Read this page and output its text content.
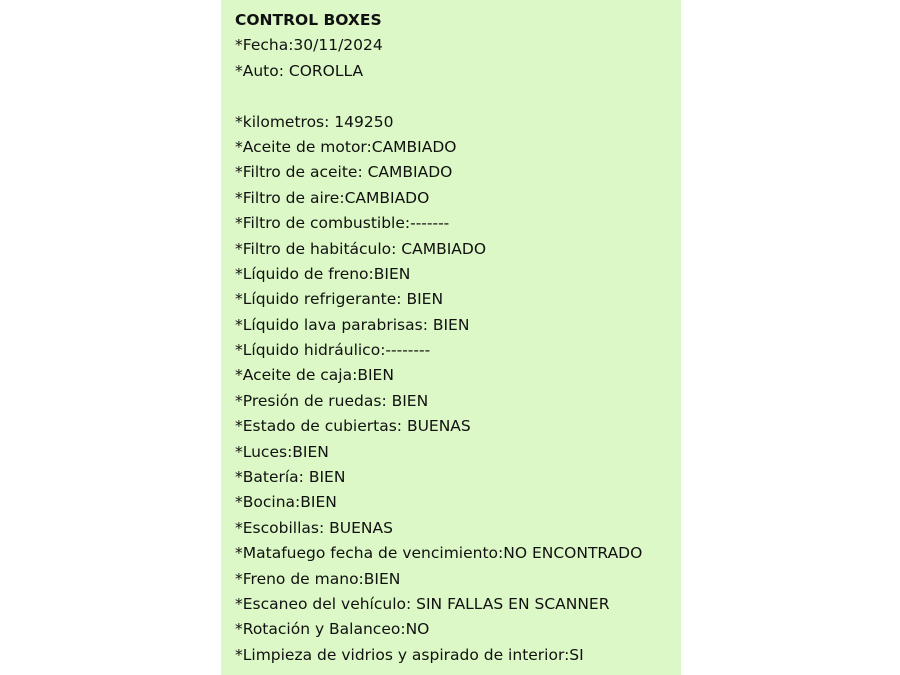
CONTROL BOXES
*Fecha:30/11/2024
*Auto: COROLLA
*kilometros: 149250
*Aceite de motor:CAMBIADO
*Filtro de aceite: CAMBIADO
*Filtro de aire:CAMBIADO
*Filtro de combustible:-------
*Filtro de habitáculo: CAMBIADO
*Líquido de freno:BIEN
*Líquido refrigerante: BIEN
*Líquido lava parabrisas: BIEN
*Líquido hidráulico:--------
*Aceite de caja:BIEN
*Presión de ruedas: BIEN
*Estado de cubiertas: BUENAS
*Luces:BIEN
*Batería: BIEN
*Bocina:BIEN
*Escobillas: BUENAS
*Matafuego fecha de vencimiento:NO ENCONTRADO
*Freno de mano:BIEN
*Escaneo del vehículo: SIN FALLAS EN SCANNER
*Rotación y Balanceo:NO
*Limpieza de vidrios y aspirado de interior:SI
